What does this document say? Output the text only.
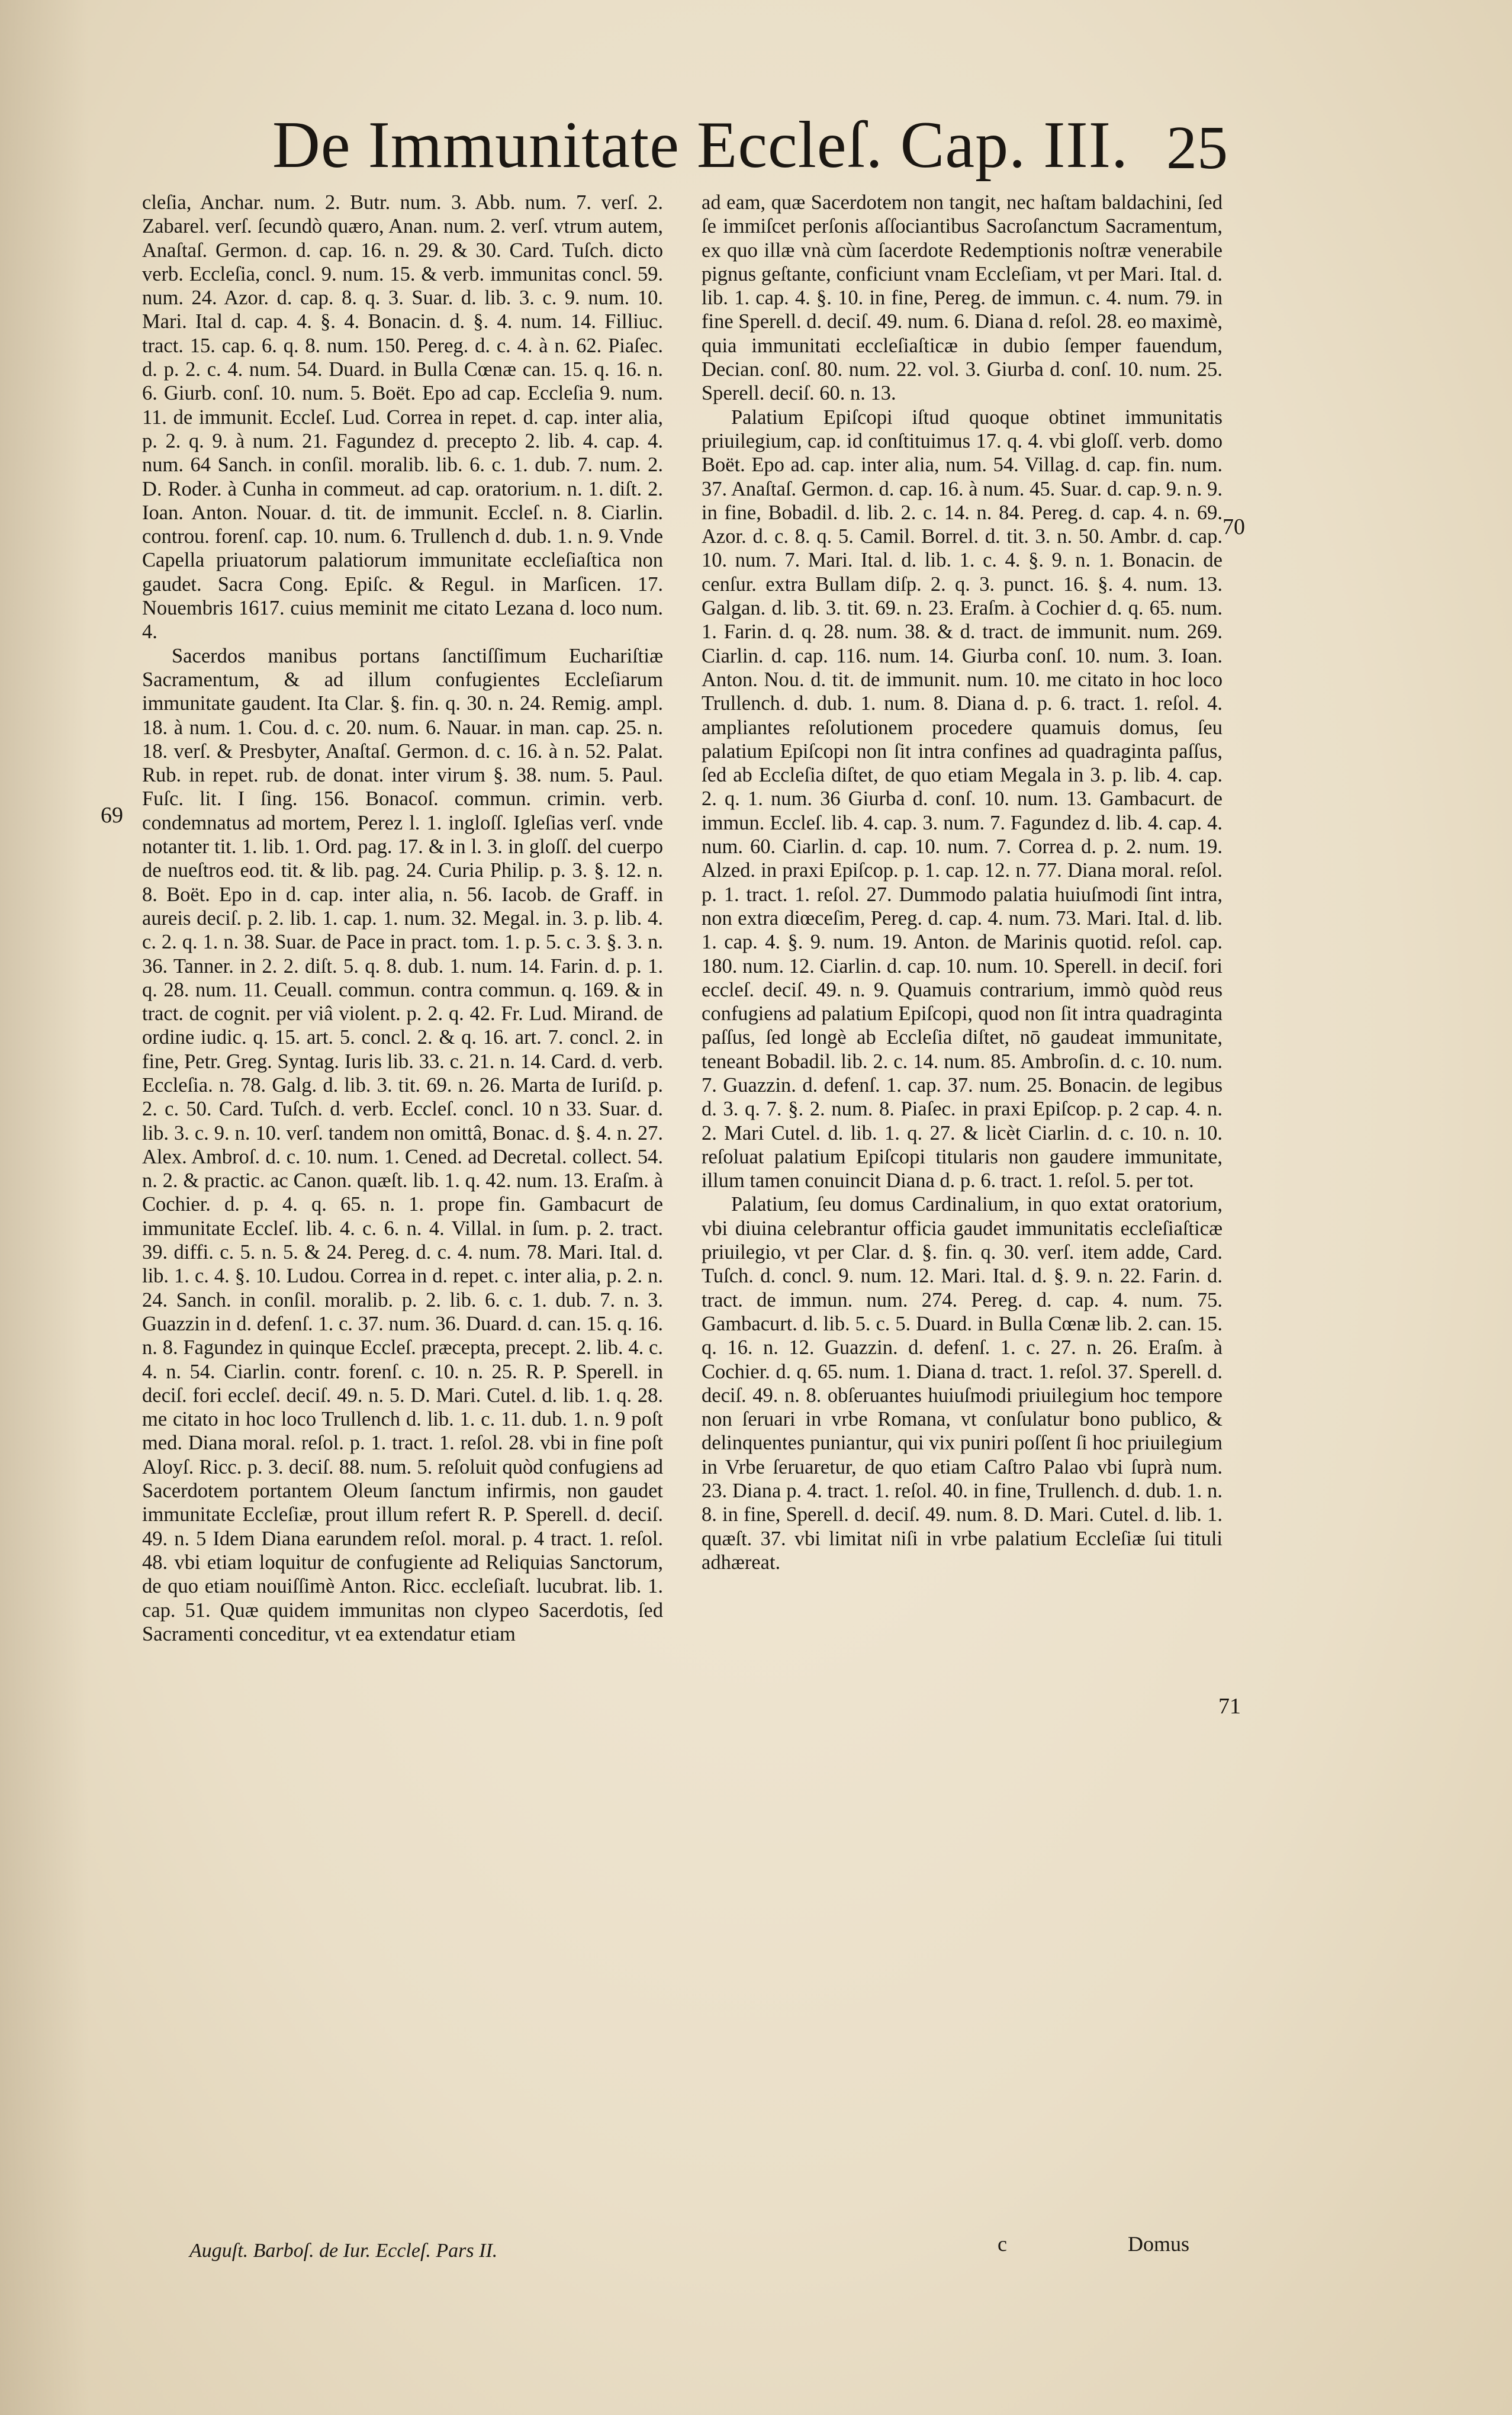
De Immunitate Eccleſ. Cap. III. 25

cleſia, Anchar. num. 2. Butr. num. 3. Abb. num. 7. verſ. 2. Zabarel. verſ. ſecundò quæro, Anan. num. 2. verſ. vtrum autem, Anaſtaſ. Germon. d. cap. 16. n. 29. & 30. Card. Tuſch. dicto verb. Eccleſia, concl. 9. num. 15. & verb. immunitas concl. 59. num. 24. Azor. d. cap. 8. q. 3. Suar. d. lib. 3. c. 9. num. 10. Mari. Ital d. cap. 4. §. 4. Bonacin. d. §. 4. num. 14. Filliuc. tract. 15. cap. 6. q. 8. num. 150. Pereg. d. c. 4. à n. 62. Piaſec. d. p. 2. c. 4. num. 54. Duard. in Bulla Cœnæ can. 15. q. 16. n. 6. Giurb. conſ. 10. num. 5. Boët. Epo ad cap. Eccleſia 9. num. 11. de immunit. Eccleſ. Lud. Correa in repet. d. cap. inter alia, p. 2. q. 9. à num. 21. Fagundez d. precepto 2. lib. 4. cap. 4. num. 64 Sanch. in conſil. moralib. lib. 6. c. 1. dub. 7. num. 2. D. Roder. à Cunha in commeut. ad cap. oratorium. n. 1. diſt. 2. Ioan. Anton. Nouar. d. tit. de immunit. Eccleſ. n. 8. Ciarlin. controu. forenſ. cap. 10. num. 6. Trullench d. dub. 1. n. 9. Vnde Capella priuatorum palatiorum immunitate eccleſiaſtica non gaudet. Sacra Cong. Epiſc. & Regul. in Marſicen. 17. Nouembris 1617. cuius meminit me citato Lezana d. loco num. 4.

Sacerdos manibus portans ſanctiſſimum Euchariſtiæ Sacramentum, & ad illum confugientes Eccleſiarum immunitate gaudent. Ita Clar. §. fin. q. 30. n. 24. Remig. ampl. 18. à num. 1. Cou. d. c. 20. num. 6. Nauar. in man. cap. 25. n. 18. verſ. & Presbyter, Anaſtaſ. Germon. d. c. 16. à n. 52. Palat. Rub. in repet. rub. de donat. inter virum §. 38. num. 5. Paul. Fuſc. lit. I ſing. 156. Bonacoſ. commun. crimin. verb. condemnatus ad mortem, Perez l. 1. ingloſſ. Igleſias verſ. vnde notanter tit. 1. lib. 1. Ord. pag. 17. & in l. 3. in gloſſ. del cuerpo de nueſtros eod. tit. & lib. pag. 24. Curia Philip. p. 3. §. 12. n. 8. Boët. Epo in d. cap. inter alia, n. 56. Iacob. de Graff. in aureis deciſ. p. 2. lib. 1. cap. 1. num. 32. Megal. in. 3. p. lib. 4. c. 2. q. 1. n. 38. Suar. de Pace in pract. tom. 1. p. 5. c. 3. §. 3. n. 36. Tanner. in 2. 2. diſt. 5. q. 8. dub. 1. num. 14. Farin. d. p. 1. q. 28. num. 11. Ceuall. commun. contra commun. q. 169. & in tract. de cognit. per viâ violent. p. 2. q. 42. Fr. Lud. Mirand. de ordine iudic. q. 15. art. 5. concl. 2. & q. 16. art. 7. concl. 2. in fine, Petr. Greg. Syntag. Iuris lib. 33. c. 21. n. 14. Card. d. verb. Eccleſia. n. 78. Galg. d. lib. 3. tit. 69. n. 26. Marta de Iuriſd. p. 2. c. 50. Card. Tuſch. d. verb. Eccleſ. concl. 10 n 33. Suar. d. lib. 3. c. 9. n. 10. verſ. tandem non omittâ, Bonac. d. §. 4. n. 27. Alex. Ambroſ. d. c. 10. num. 1. Cened. ad Decretal. collect. 54. n. 2. & practic. ac Canon. quæſt. lib. 1. q. 42. num. 13. Eraſm. à Cochier. d. p. 4. q. 65. n. 1. prope fin. Gambacurt de immunitate Eccleſ. lib. 4. c. 6. n. 4. Villal. in ſum. p. 2. tract. 39. diffi. c. 5. n. 5. & 24. Pereg. d. c. 4. num. 78. Mari. Ital. d. lib. 1. c. 4. §. 10. Ludou. Correa in d. repet. c. inter alia, p. 2. n. 24. Sanch. in conſil. moralib. p. 2. lib. 6. c. 1. dub. 7. n. 3. Guazzin in d. defenſ. 1. c. 37. num. 36. Duard. d. can. 15. q. 16. n. 8. Fagundez in quinque Eccleſ. præcepta, precept. 2. lib. 4. c. 4. n. 54. Ciarlin. contr. forenſ. c. 10. n. 25. R. P. Sperell. in deciſ. fori eccleſ. deciſ. 49. n. 5. D. Mari. Cutel. d. lib. 1. q. 28. me citato in hoc loco Trullench d. lib. 1. c. 11. dub. 1. n. 9 poſt med. Diana moral. reſol. p. 1. tract. 1. reſol. 28. vbi in fine poſt Aloyſ. Ricc. p. 3. deciſ. 88. num. 5. reſoluit quòd confugiens ad Sacerdotem portantem Oleum ſanctum infirmis, non gaudet immunitate Eccleſiæ, prout illum refert R. P. Sperell. d. deciſ. 49. n. 5 Idem Diana earundem reſol. moral. p. 4 tract. 1. reſol. 48. vbi etiam loquitur de confugiente ad Reliquias Sanctorum, de quo etiam nouiſſimè Anton. Ricc. eccleſiaſt. lucubrat. lib. 1. cap. 51. Quæ quidem immunitas non clypeo Sacerdotis, ſed Sacramenti conceditur, vt ea extendatur etiam

69

ad eam, quæ Sacerdotem non tangit, nec haſtam baldachini, ſed ſe immiſcet perſonis aſſociantibus Sacroſanctum Sacramentum, ex quo illæ vnà cùm ſacerdote Redemptionis noſtræ venerabile pignus geſtante, conficiunt vnam Eccleſiam, vt per Mari. Ital. d. lib. 1. cap. 4. §. 10. in fine, Pereg. de immun. c. 4. num. 79. in fine Sperell. d. deciſ. 49. num. 6. Diana d. reſol. 28. eo maximè, quia immunitati eccleſiaſticæ in dubio ſemper fauendum, Decian. conſ. 80. num. 22. vol. 3. Giurba d. conſ. 10. num. 25. Sperell. deciſ. 60. n. 13.

Palatium Epiſcopi iſtud quoque obtinet immunitatis priuilegium, cap. id conſtituimus 17. q. 4. vbi gloſſ. verb. domo Boët. Epo ad. cap. inter alia, num. 54. Villag. d. cap. fin. num. 37. Anaſtaſ. Germon. d. cap. 16. à num. 45. Suar. d. cap. 9. n. 9. in fine, Bobadil. d. lib. 2. c. 14. n. 84. Pereg. d. cap. 4. n. 69. Azor. d. c. 8. q. 5. Camil. Borrel. d. tit. 3. n. 50. Ambr. d. cap. 10. num. 7. Mari. Ital. d. lib. 1. c. 4. §. 9. n. 1. Bonacin. de cenſur. extra Bullam diſp. 2. q. 3. punct. 16. §. 4. num. 13. Galgan. d. lib. 3. tit. 69. n. 23. Eraſm. à Cochier d. q. 65. num. 1. Farin. d. q. 28. num. 38. & d. tract. de immunit. num. 269. Ciarlin. d. cap. 116. num. 14. Giurba conſ. 10. num. 3. Ioan. Anton. Nou. d. tit. de immunit. num. 10. me citato in hoc loco Trullench. d. dub. 1. num. 8. Diana d. p. 6. tract. 1. reſol. 4. ampliantes reſolutionem procedere quamuis domus, ſeu palatium Epiſcopi non ſit intra confines ad quadraginta paſſus, ſed ab Eccleſia diſtet, de quo etiam Megala in 3. p. lib. 4. cap. 2. q. 1. num. 36 Giurba d. conſ. 10. num. 13. Gambacurt. de immun. Eccleſ. lib. 4. cap. 3. num. 7. Fagundez d. lib. 4. cap. 4. num. 60. Ciarlin. d. cap. 10. num. 7. Correa d. p. 2. num. 19. Alzed. in praxi Epiſcop. p. 1. cap. 12. n. 77. Diana moral. reſol. p. 1. tract. 1. reſol. 27. Dummodo palatia huiuſmodi ſint intra, non extra diœceſim, Pereg. d. cap. 4. num. 73. Mari. Ital. d. lib. 1. cap. 4. §. 9. num. 19. Anton. de Marinis quotid. reſol. cap. 180. num. 12. Ciarlin. d. cap. 10. num. 10. Sperell. in deciſ. fori eccleſ. deciſ. 49. n. 9. Quamuis contrarium, immò quòd reus confugiens ad palatium Epiſcopi, quod non ſit intra quadraginta paſſus, ſed longè ab Eccleſia diſtet, nō gaudeat immunitate, teneant Bobadil. lib. 2. c. 14. num. 85. Ambroſin. d. c. 10. num. 7. Guazzin. d. defenſ. 1. cap. 37. num. 25. Bonacin. de legibus d. 3. q. 7. §. 2. num. 8. Piaſec. in praxi Epiſcop. p. 2 cap. 4. n. 2. Mari Cutel. d. lib. 1. q. 27. & licèt Ciarlin. d. c. 10. n. 10. reſoluat palatium Epiſcopi titularis non gaudere immunitate, illum tamen conuincit Diana d. p. 6. tract. 1. reſol. 5. per tot.

Palatium, ſeu domus Cardinalium, in quo extat oratorium, vbi diuina celebrantur officia gaudet immunitatis eccleſiaſticæ priuilegio, vt per Clar. d. §. fin. q. 30. verſ. item adde, Card. Tuſch. d. concl. 9. num. 12. Mari. Ital. d. §. 9. n. 22. Farin. d. tract. de immun. num. 274. Pereg. d. cap. 4. num. 75. Gambacurt. d. lib. 5. c. 5. Duard. in Bulla Cœnæ lib. 2. can. 15. q. 16. n. 12. Guazzin. d. defenſ. 1. c. 27. n. 26. Eraſm. à Cochier. d. q. 65. num. 1. Diana d. tract. 1. reſol. 37. Sperell. d. deciſ. 49. n. 8. obſeruantes huiuſmodi priuilegium hoc tempore non ſeruari in vrbe Romana, vt conſulatur bono publico, & delinquentes puniantur, qui vix puniri poſſent ſi hoc priuilegium in Vrbe ſeruaretur, de quo etiam Caſtro Palao vbi ſuprà num. 23. Diana p. 4. tract. 1. reſol. 40. in fine, Trullench. d. dub. 1. n. 8. in fine, Sperell. d. deciſ. 49. num. 8. D. Mari. Cutel. d. lib. 1. quæſt. 37. vbi limitat niſi in vrbe palatium Eccleſiæ ſui tituli adhæreat.

70
71
Auguſt. Barboſ. de Iur. Eccleſ. Pars II.	c	Domus
